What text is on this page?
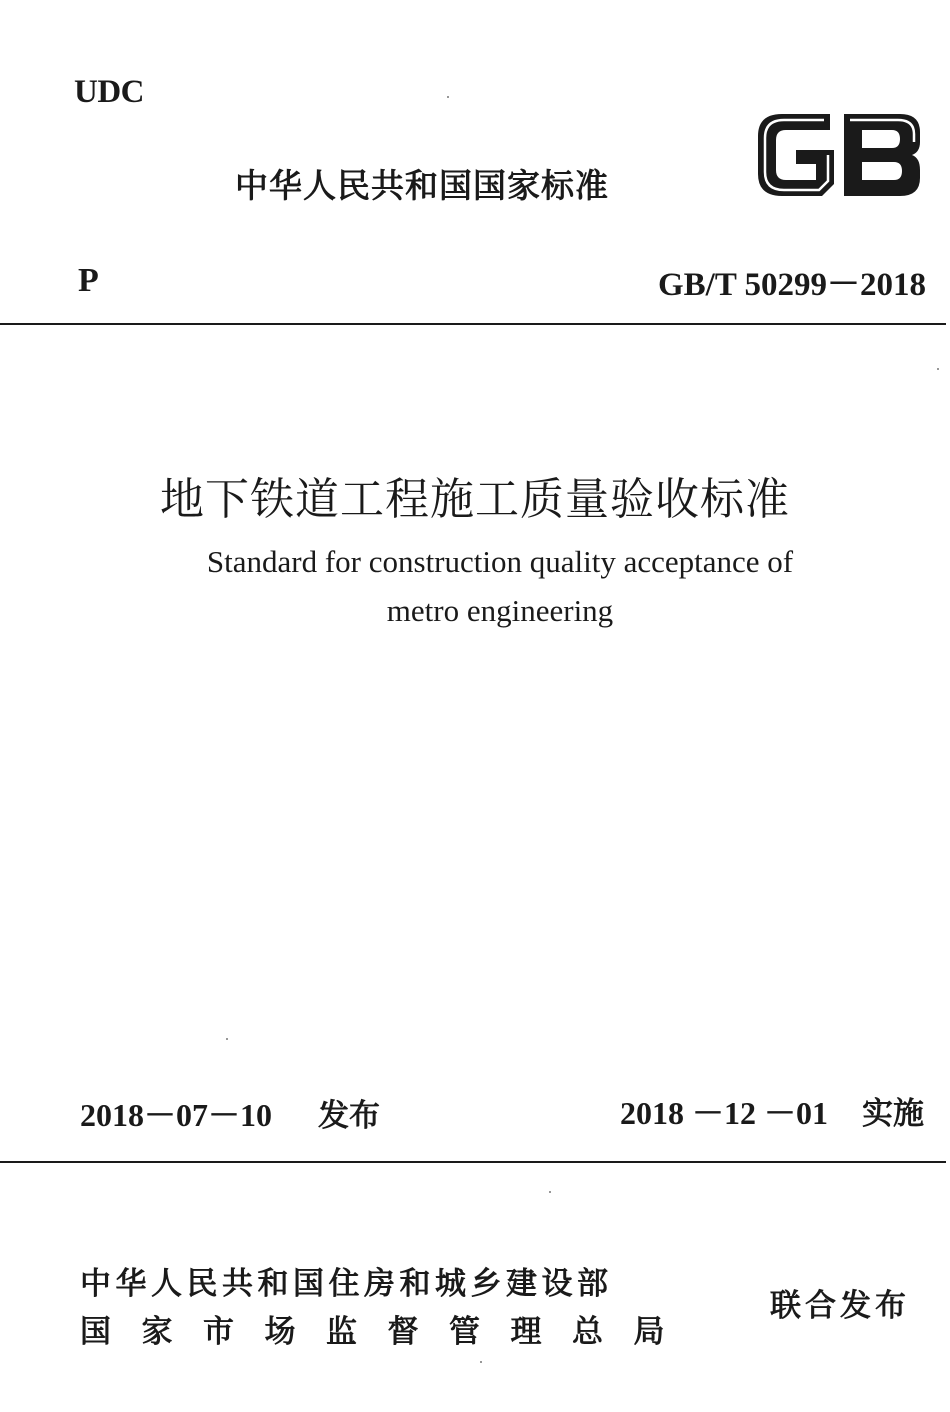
UDC
中华人民共和国国家标准
P	GB/T 50299－2018
地下铁道工程施工质量验收标准
Standard for construction quality acceptance of
metro engineering
2018－07－10 发布	2018 －12 －01 实施
中华人民共和国住房和城乡建设部
国家市场监督管理总局
联合发布
